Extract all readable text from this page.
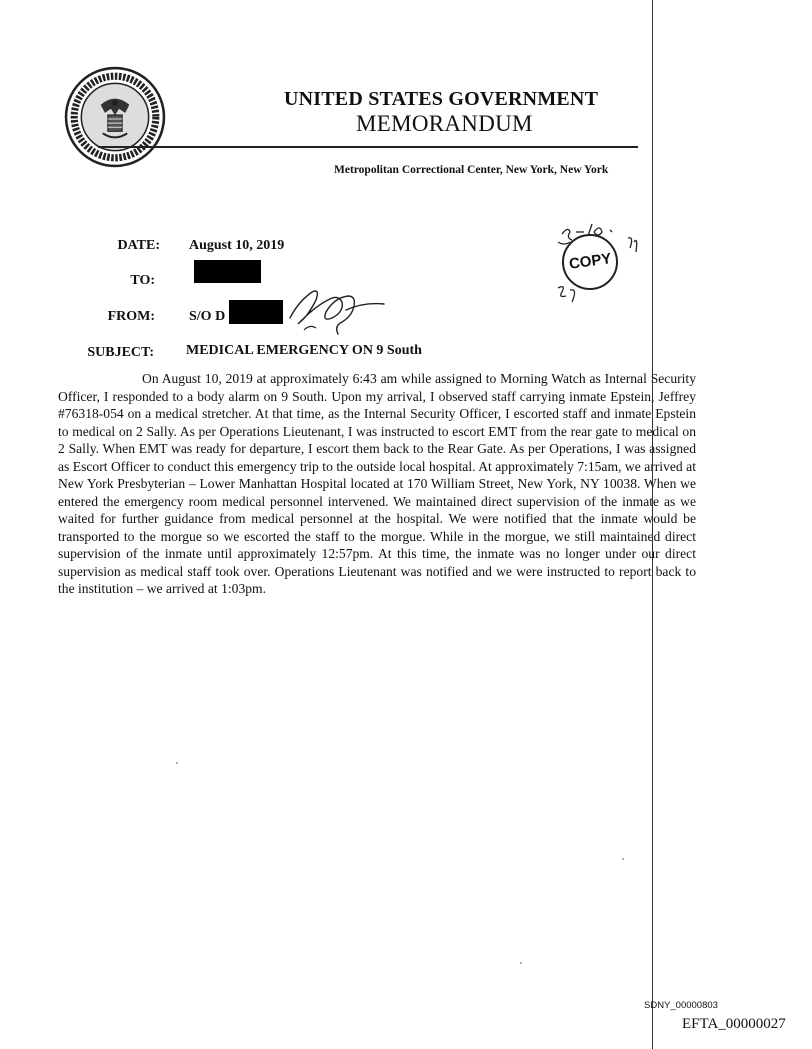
UNITED STATES GOVERNMENT
MEMORANDUM
Metropolitan Correctional Center, New York, New York
DATE: August 10, 2019
TO:
FROM: S/O D
SUBJECT: MEDICAL EMERGENCY ON 9 South
COPY
On August 10, 2019 at approximately 6:43 am while assigned to Morning Watch as Internal Security Officer, I responded to a body alarm on 9 South. Upon my arrival, I observed staff carrying inmate Epstein, Jeffrey #76318-054 on a medical stretcher. At that time, as the Internal Security Officer, I escorted staff and inmate Epstein to medical on 2 Sally. As per Operations Lieutenant, I was instructed to escort EMT from the rear gate to medical on 2 Sally. When EMT was ready for departure, I escort them back to the Rear Gate. As per Operations, I was assigned as Escort Officer to conduct this emergency trip to the outside local hospital. At approximately 7:15am, we arrived at New York Presbyterian – Lower Manhattan Hospital located at 170 William Street, New York, NY 10038. When we entered the emergency room medical personnel intervened. We maintained direct supervision of the inmate as we waited for further guidance from medical personnel at the hospital. We were notified that the inmate would be transported to the morgue so we escorted the staff to the morgue. While in the morgue, we still maintained direct supervision of the inmate until approximately 12:57pm. At this time, the inmate was no longer under our direct supervision as medical staff took over. Operations Lieutenant was notified and we were instructed to report back to the institution – we arrived at 1:03pm.
SDNY_00000803
EFTA_00000027
